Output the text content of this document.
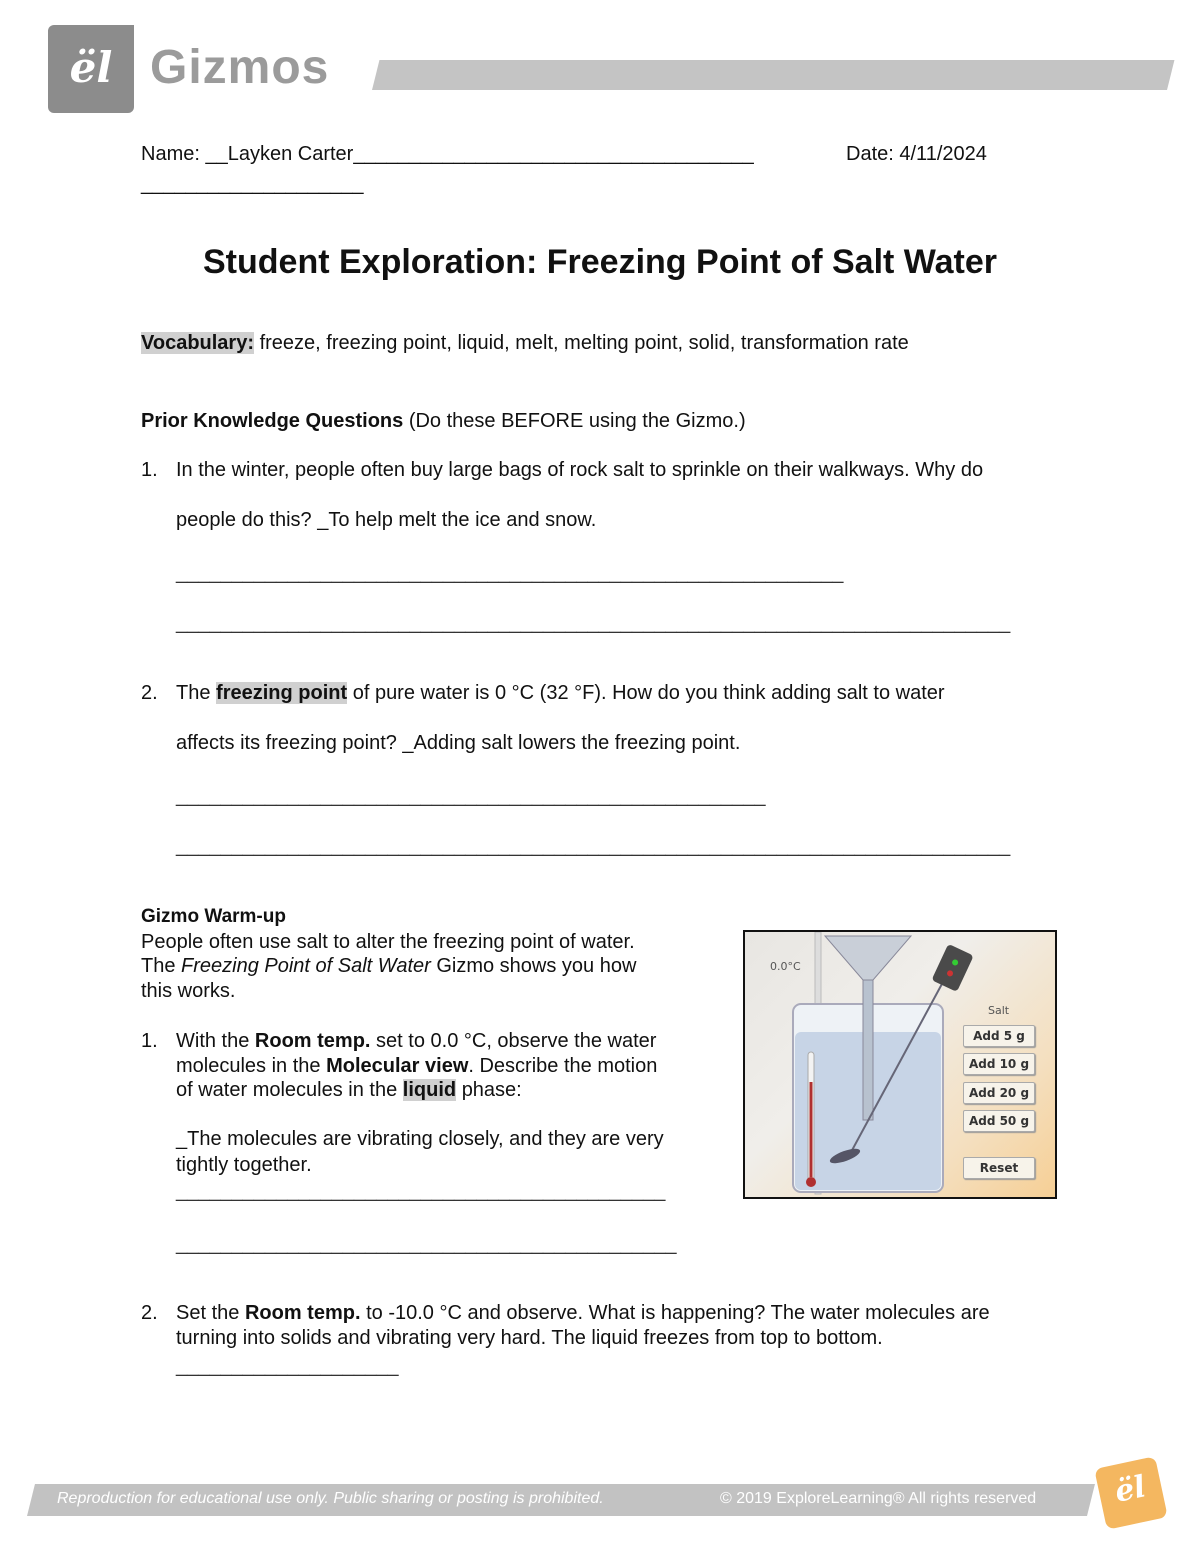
ël Gizmos
Name: __Layken Carter____________________________________	Date: 4/11/2024
____________________
Student Exploration: Freezing Point of Salt Water
Vocabulary: freeze, freezing point, liquid, melt, melting point, solid, transformation rate
Prior Knowledge Questions (Do these BEFORE using the Gizmo.)
1. In the winter, people often buy large bags of rock salt to sprinkle on their walkways. Why do
people do this? _To help melt the ice and snow.
____________________________________________________________
___________________________________________________________________________
2. The freezing point of pure water is 0 °C (32 °F). How do you think adding salt to water
affects its freezing point? _Adding salt lowers the freezing point.
_____________________________________________________
___________________________________________________________________________
Gizmo Warm-up
People often use salt to alter the freezing point of water.
The Freezing Point of Salt Water Gizmo shows you how
this works.
1. With the Room temp. set to 0.0 °C, observe the water
molecules in the Molecular view. Describe the motion
of water molecules in the liquid phase:
_The molecules are vibrating closely, and they are very
tightly together.
____________________________________________
_____________________________________________
2. Set the Room temp. to -10.0 °C and observe. What is happening? The water molecules are
turning into solids and vibrating very hard. The liquid freezes from top to bottom.
____________________
0.0°C
Salt
Add 5 g
Add 10 g
Add 20 g
Add 50 g
Reset
Reproduction for educational use only. Public sharing or posting is prohibited.	© 2019 ExploreLearning® All rights reserved	ël
